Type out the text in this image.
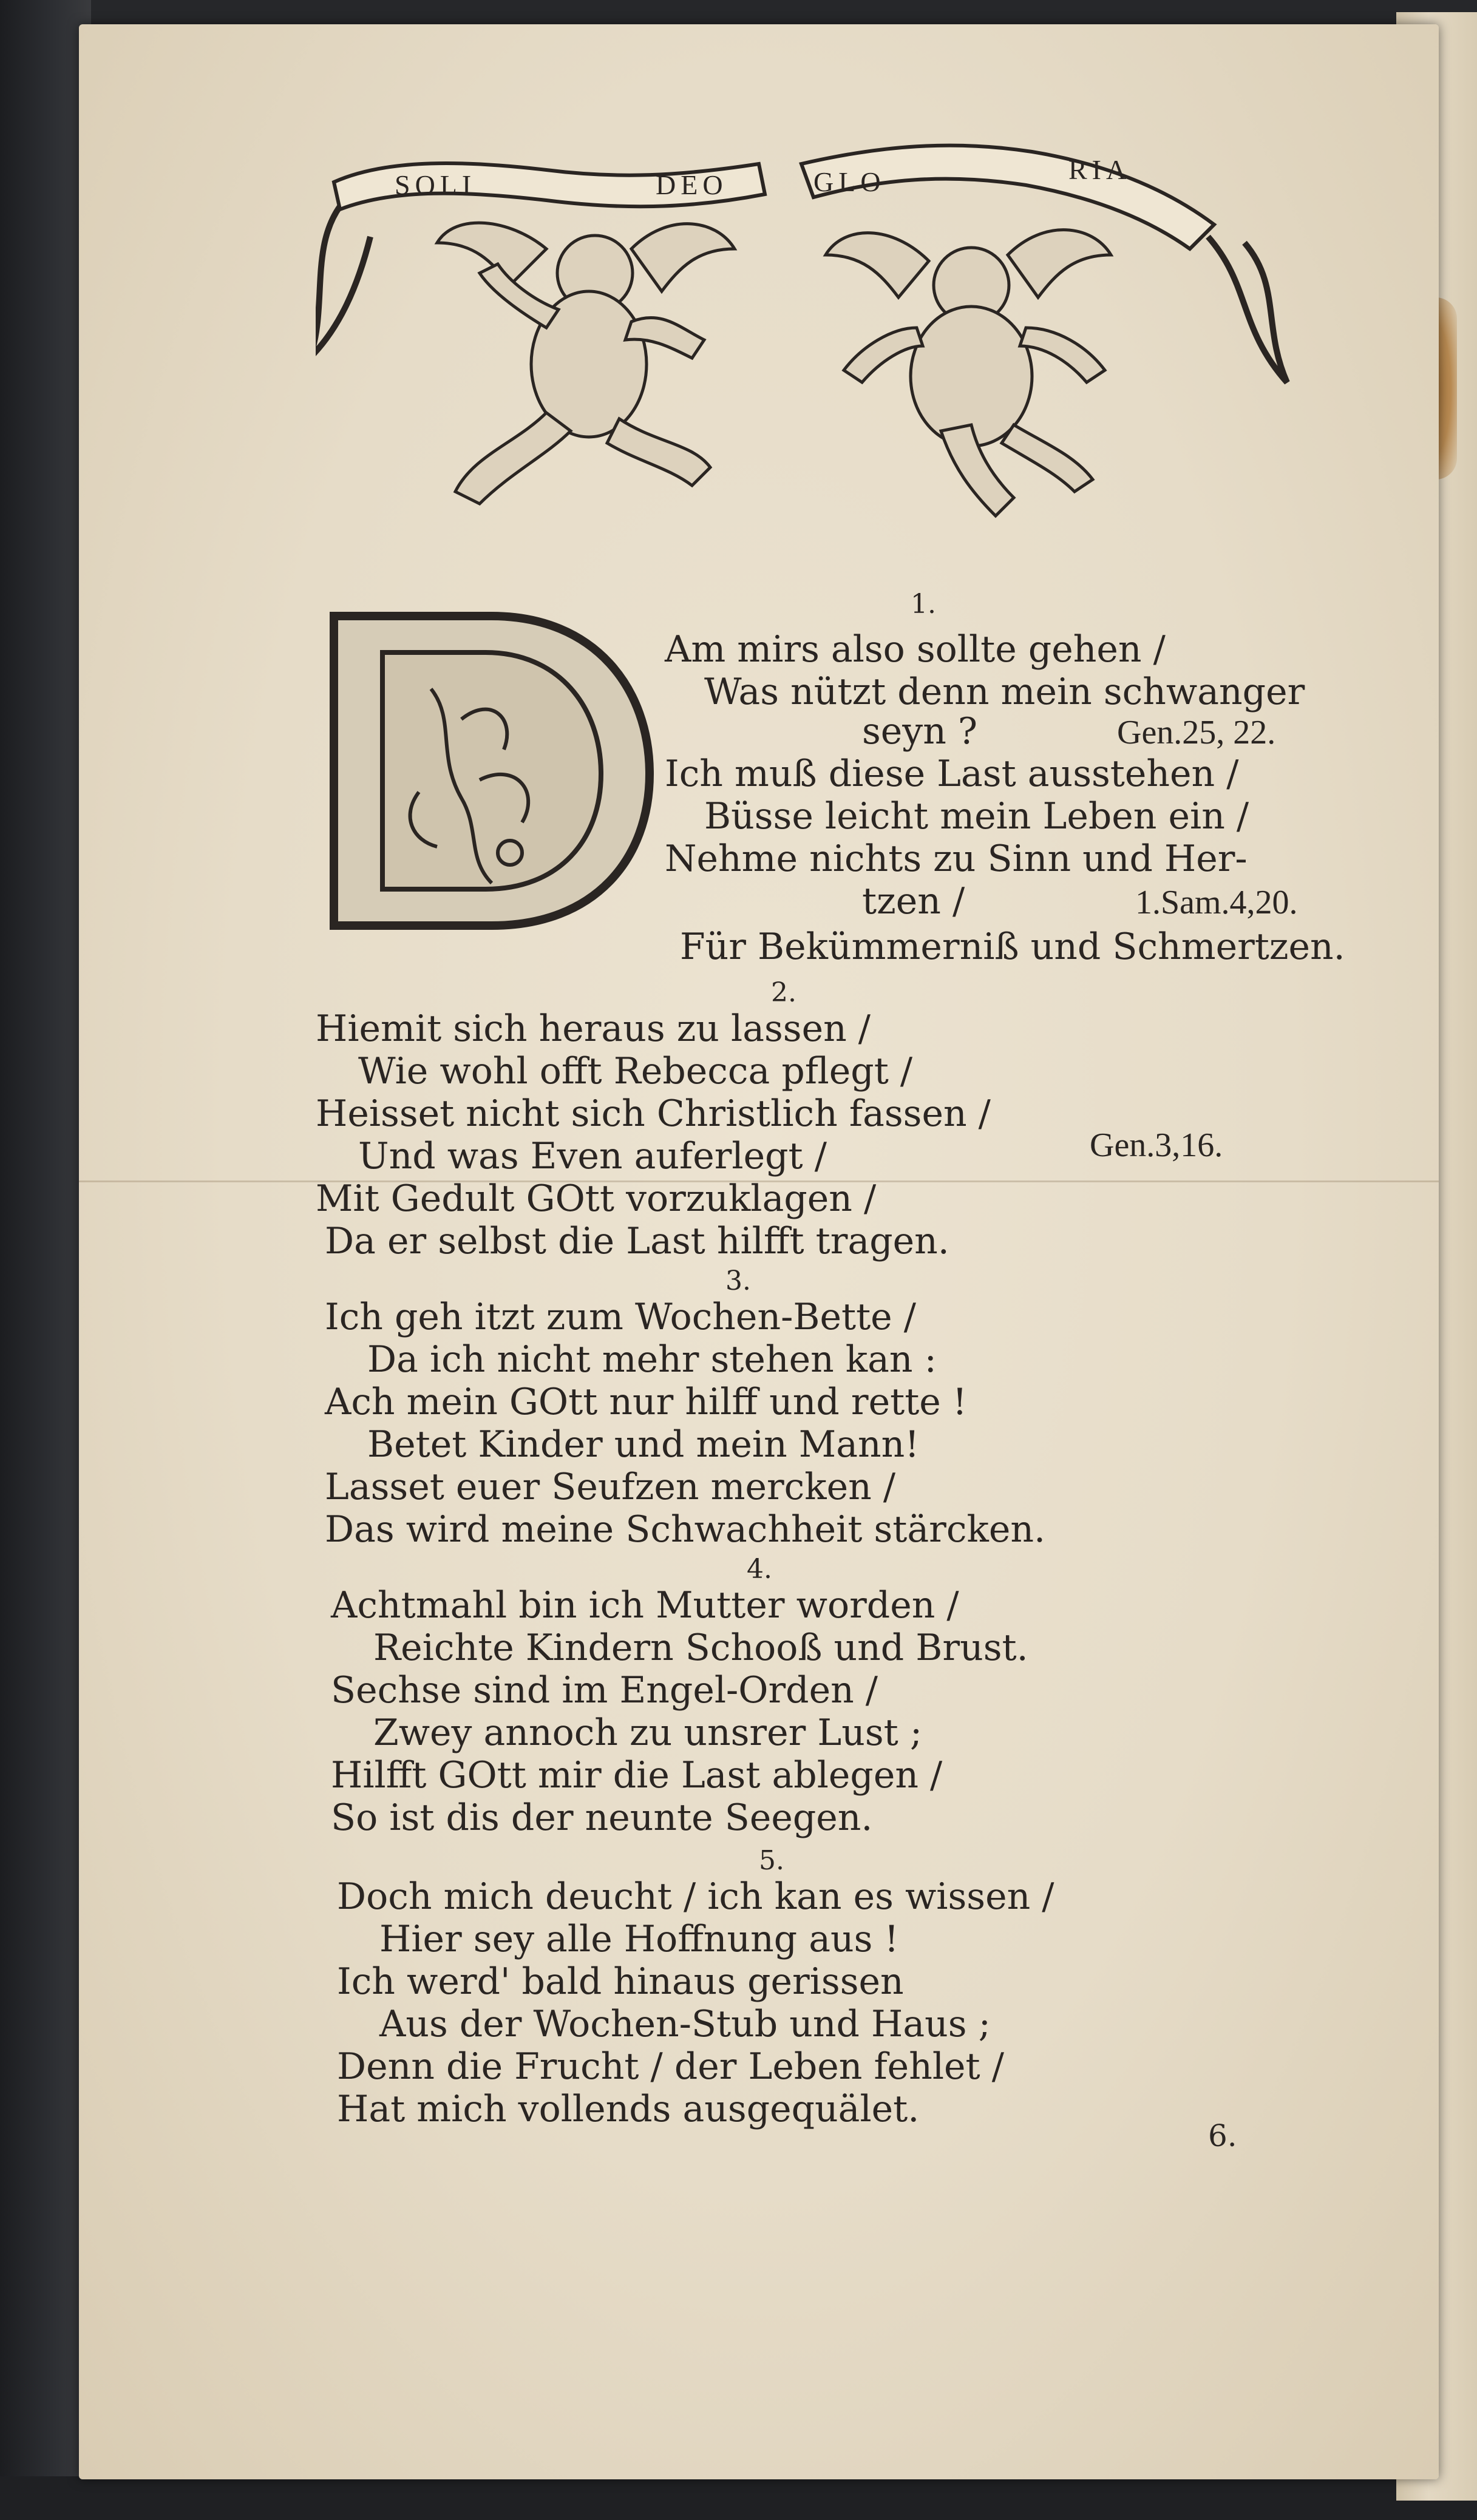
SOLI	DEO	GLO	RIA
1.
Am mirs also sollte gehen /
Was nützt denn mein schwanger
seyn ?	Gen.25, 22.
Ich muß diese Last ausstehen /
Büsse leicht mein Leben ein /
Nehme nichts zu Sinn und Her-
tzen /	1.Sam.4,20.
Für Bekümmerniß und Schmertzen.
2.
Hiemit sich heraus zu lassen /
Wie wohl offt Rebecca pflegt /
Heisset nicht sich Christlich fassen /
Und was Even auferlegt /	Gen.3,16.
Mit Gedult GOtt vorzuklagen /
Da er selbst die Last hilfft tragen.
3.
Ich geh itzt zum Wochen-Bette /
Da ich nicht mehr stehen kan :
Ach mein GOtt nur hilff und rette !
Betet Kinder und mein Mann!
Lasset euer Seufzen mercken /
Das wird meine Schwachheit stärcken.
4.
Achtmahl bin ich Mutter worden /
Reichte Kindern Schooß und Brust.
Sechse sind im Engel-Orden /
Zwey annoch zu unsrer Lust ;
Hilfft GOtt mir die Last ablegen /
So ist dis der neunte Seegen.
5.
Doch mich deucht / ich kan es wissen /
Hier sey alle Hoffnung aus !
Ich werd' bald hinaus gerissen
Aus der Wochen-Stub und Haus ;
Denn die Frucht / der Leben fehlet /
Hat mich vollends ausgequälet.
6.
